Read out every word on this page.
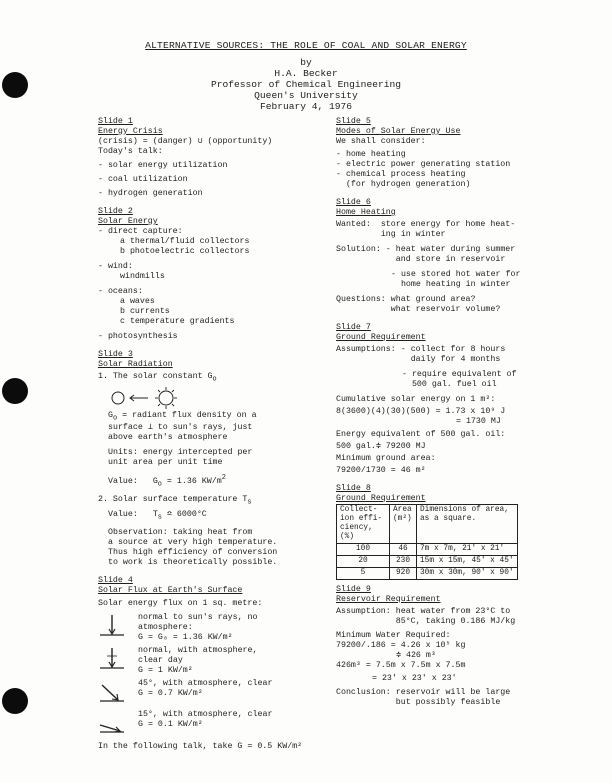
ALTERNATIVE SOURCES: THE ROLE OF COAL AND SOLAR ENERGY
by
H.A. Becker
Professor of Chemical Engineering
Queen's University
February 4, 1976
Slide 1
Energy Crisis
(crisis) = (danger) ∪ (opportunity)
Today's talk:
- solar energy utilization
- coal utilization
- hydrogen generation
Slide 2
Solar Energy
- direct capture:
a thermal/fluid collectors
b photoelectric collectors
- wind:
windmills
- oceans:
a waves
b currents
c temperature gradients
- photosynthesis
Slide 3
Solar Radiation
1. The solar constant $G_o$
$G_o$ = radiant flux density on a
surface ⊥ to sun's rays, just
above earth's atmosphere
Units: energy intercepted per
unit area per unit time
Value: $G_o = 1.36$ $KW/m^2$
2. Solar surface temperature $T_s$
Value: $T_s$ ≏ 6000°C
Observation: taking heat from
a source at very high temperature.
Thus high efficiency of conversion
to work is theoretically possible.
Slide 4
Solar Flux at Earth's Surface
Solar energy flux on 1 sq. metre:
normal to sun's rays, no
atmosphere:
G = G₀ = 1.36 KW/m²
normal, with atmosphere,
clear day
G = 1 KW/m²
45°, with atmosphere, clear
G = 0.7 KW/m²
15°, with atmosphere, clear
G = 0.1 KW/m²
In the following talk, take G = 0.5 KW/m²
Slide 5
Modes of Solar Energy Use
We shall consider:
- home heating
- electric power generating station
- chemical process heating
(for hydrogen generation)
Slide 6
Home Heating
Wanted: store energy for home heat-
ing in winter
Solution: - heat water during summer
and store in reservoir
- use stored hot water for
home heating in winter
Questions: what ground area?
what reservoir volume?
Slide 7
Ground Requirement
Assumptions: - collect for 8 hours
daily for 4 months
- require equivalent of
500 gal. fuel oil
Cumulative solar energy on 1 m²:
8(3600)(4)(30)(500) = 1.73 x 10⁹ J
= 1730 MJ
Energy equivalent of 500 gal. oil:
500 gal.≑ 79200 MJ
Minimum ground area:
79200/1730 = 46 m²
Slide 8
Ground Requirement
Collect-
ion effi-
ciency,
(%)	Area
(m²)	Dimensions of area,
as a square.
100	46	7m x 7m, 21' x 21'
20	230	15m x 15m, 45' x 45'
5	920	30m x 30m, 90' x 90'
Slide 9
Reservoir Requirement
Assumption: heat water from 23°C to
85°C, taking 0.186 MJ/kg
Minimum Water Required:
79200/.186 = 4.26 x 10⁵ kg
≑ 426 m³
426m³ = 7.5m x 7.5m x 7.5m
= 23' x 23' x 23'
Conclusion: reservoir will be large
but possibly feasible
